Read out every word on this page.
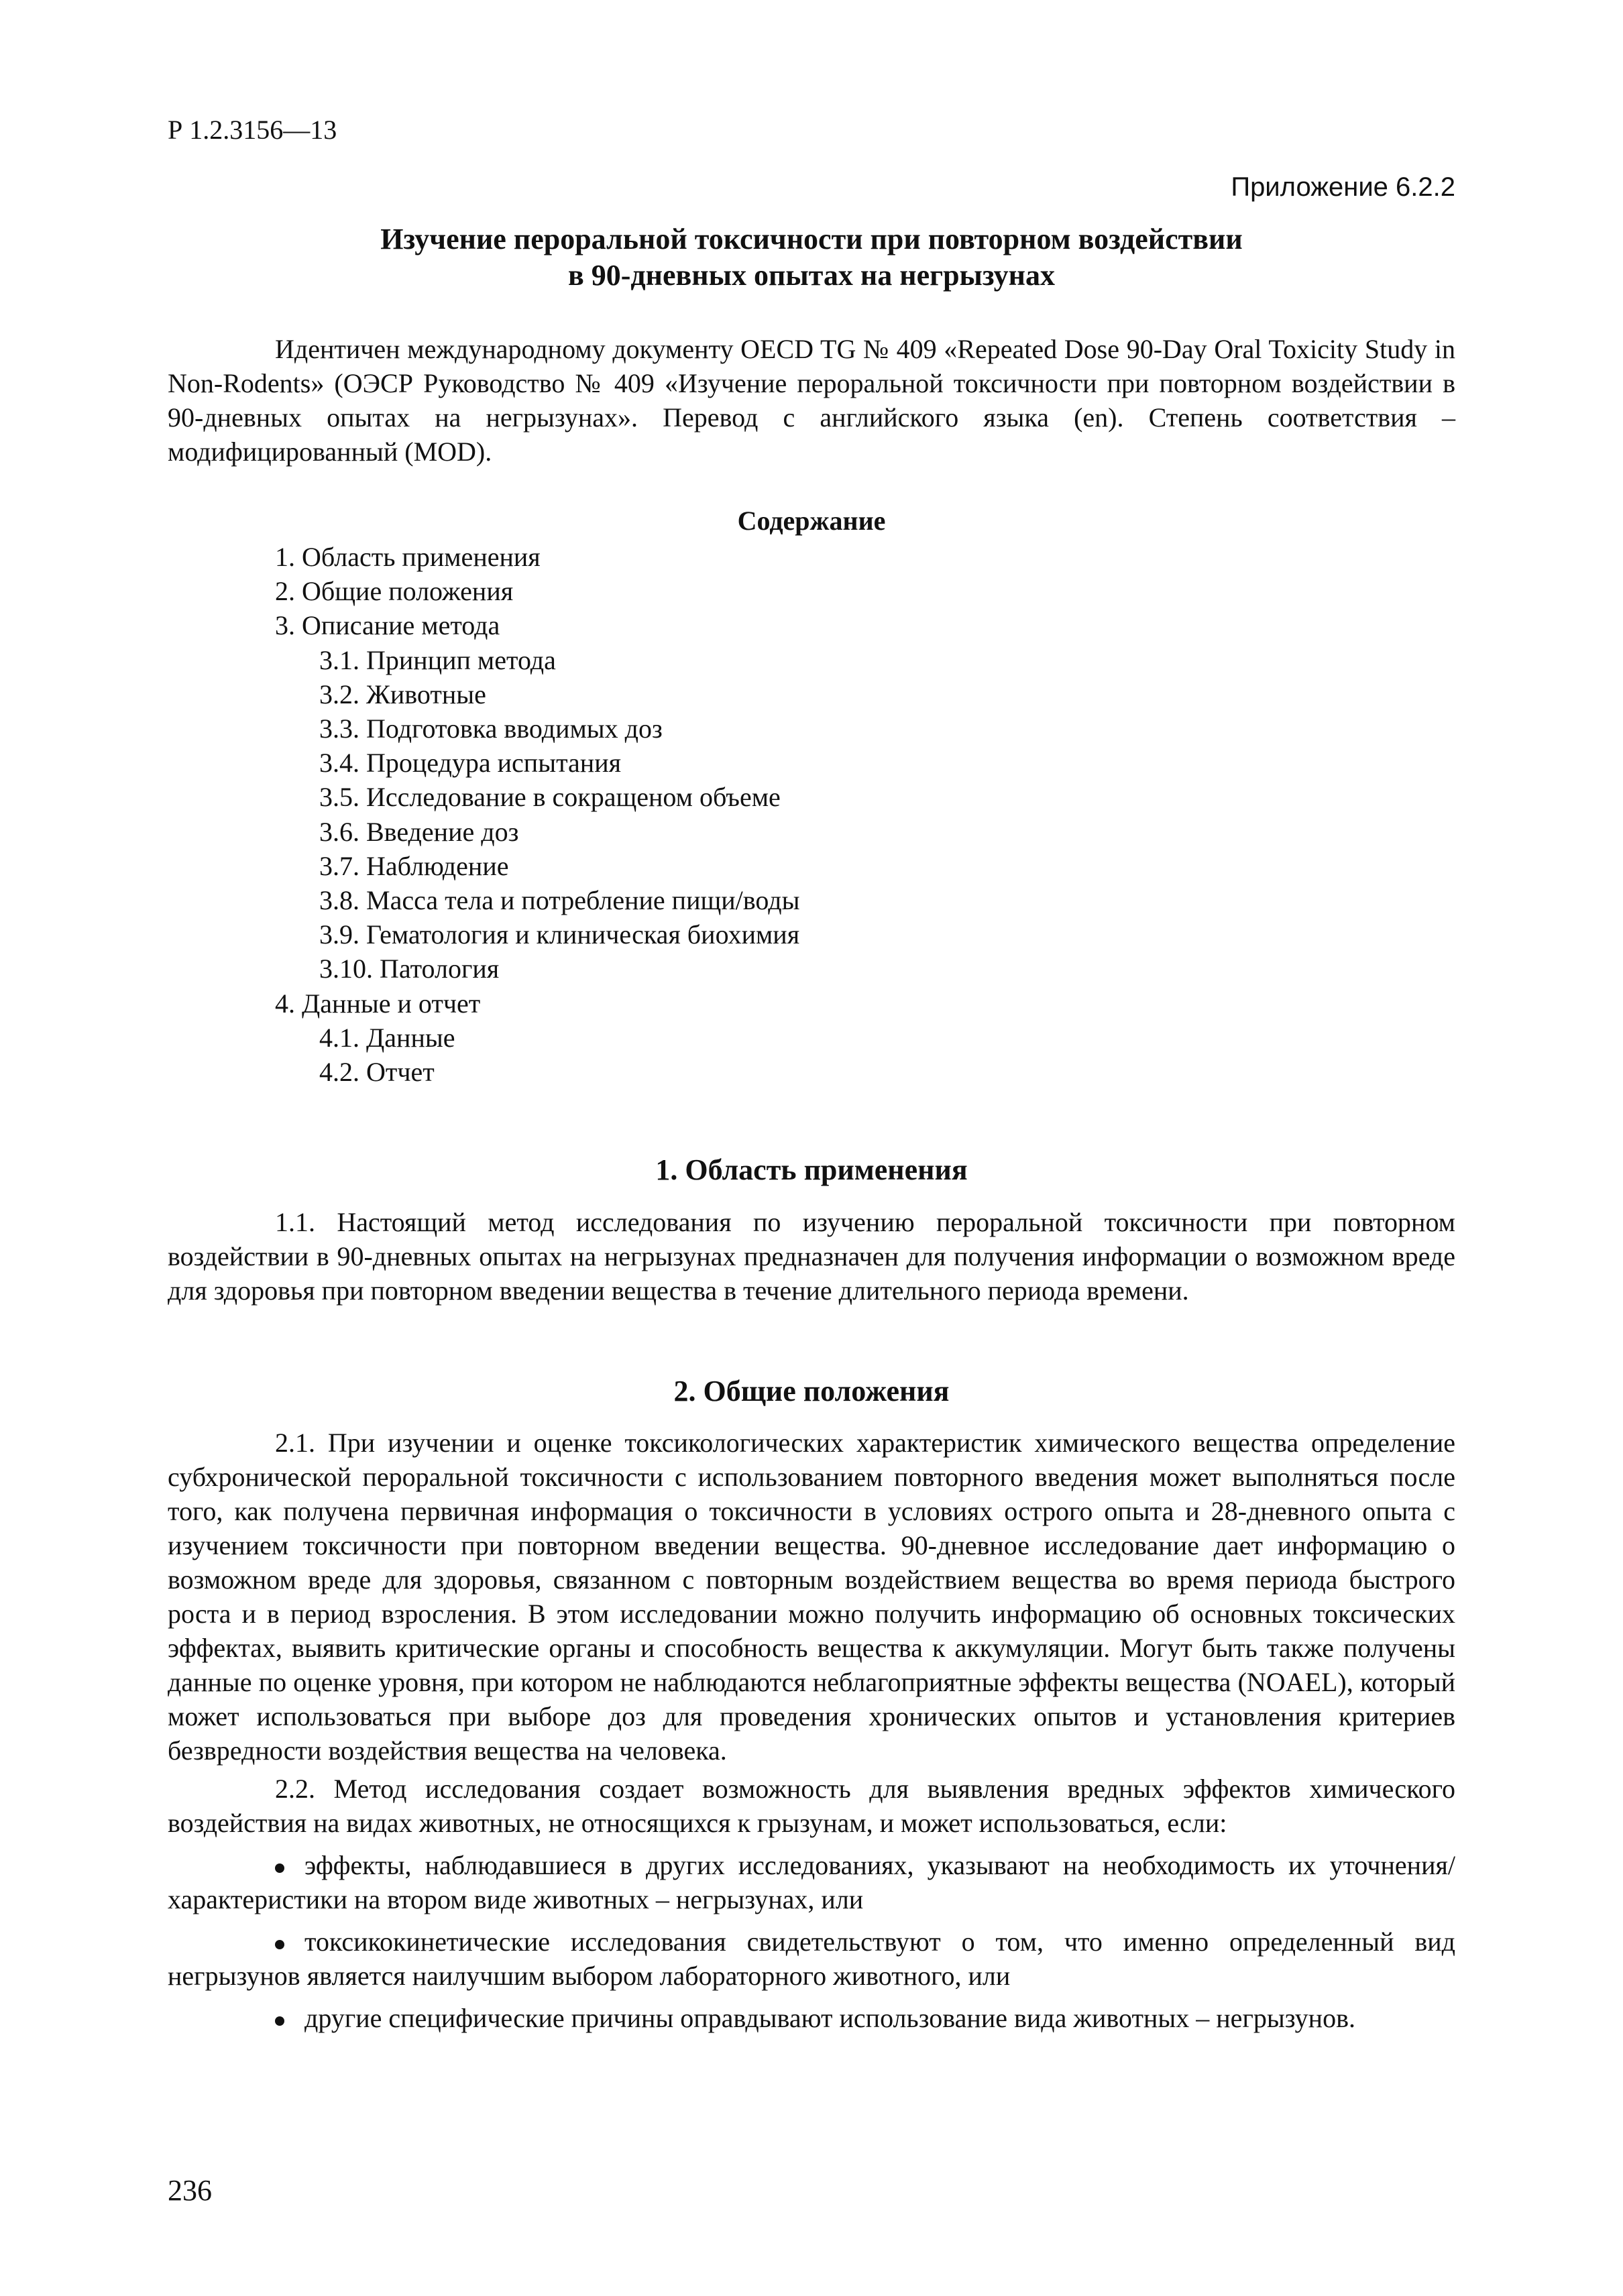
Р 1.2.3156—13
Приложение 6.2.2
Изучение пероральной токсичности при повторном воздействии
в 90-дневных опытах на негрызунах

Идентичен международному документу OECD TG № 409 «Repeated Dose 90-Day Oral Toxicity Study in Non-Rodents» (ОЭСР Руководство № 409 «Изучение пероральной токсичности при повторном воздействии в 90-дневных опытах на негрызунах». Перевод с английского языка (en). Степень соответствия – модифицированный (MOD).

Содержание
1. Область применения
2. Общие положения
3. Описание метода
3.1. Принцип метода
3.2. Животные
3.3. Подготовка вводимых доз
3.4. Процедура испытания
3.5. Исследование в сокращеном объеме
3.6. Введение доз
3.7. Наблюдение
3.8. Масса тела и потребление пищи/воды
3.9. Гематология и клиническая биохимия
3.10. Патология
4. Данные и отчет
4.1. Данные
4.2. Отчет
1. Область применения

1.1. Настоящий метод исследования по изучению пероральной токсичности при повторном воздействии в 90-дневных опытах на негрызунах предназначен для получения информации о возможном вреде для здоровья при повторном введении вещества в течение длительного периода времени.

2. Общие положения

2.1. При изучении и оценке токсикологических характеристик химического вещества определение субхронической пероральной токсичности с использованием повторного введения может выполняться после того, как получена первичная информация о токсичности в условиях острого опыта и 28-дневного опыта с изучением токсичности при повторном введении вещества. 90-дневное исследование дает информацию о возможном вреде для здоровья, связанном с повторным воздействием вещества во время периода быстрого роста и в период взросления. В этом исследовании можно получить информацию об основных токсических эффектах, выявить критические органы и способность вещества к аккумуляции. Могут быть также получены данные по оценке уровня, при котором не наблюдаются неблагоприятные эффекты вещества (NOAEL), который может использоваться при выборе доз для проведения хронических опытов и установления критериев безвредности воздействия вещества на человека.

2.2. Метод исследования создает возможность для выявления вредных эффектов химического воздействия на видах животных, не относящихся к грызунам, и может использоваться, если:

эффекты, наблюдавшиеся в других исследованиях, указывают на необходимость их уточнения/характеристики на втором виде животных – негрызунах, или

токсикокинетические исследования свидетельствуют о том, что именно определенный вид негрызунов является наилучшим выбором лабораторного животного, или

другие специфические причины оправдывают использование вида животных – негрызунов.

236
